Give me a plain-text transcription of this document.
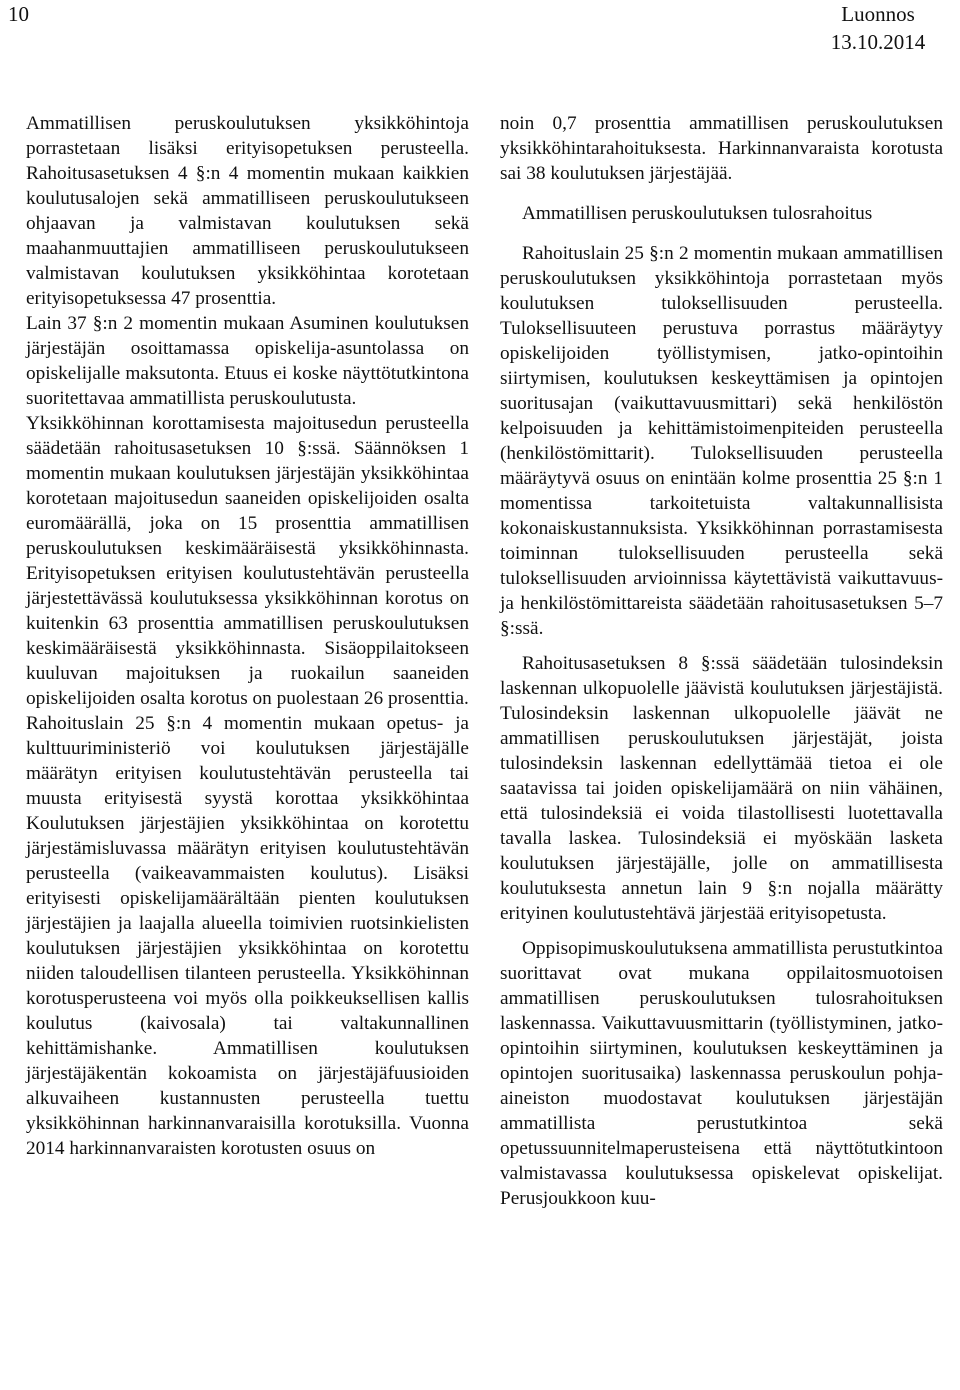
10	Luonnos
13.10.2014

Ammatillisen peruskoulutuksen yksikköhintoja porrastetaan lisäksi erityisopetuksen perusteella. Rahoitusasetuksen 4 §:n 4 momentin mukaan kaikkien koulutusalojen sekä ammatilliseen peruskoulutukseen ohjaavan ja valmistavan koulutuksen sekä maahanmuuttajien ammatilliseen peruskoulutukseen valmistavan koulutuksen yksikköhintaa korotetaan erityisopetuksessa 47 prosenttia.

Lain 37 §:n 2 momentin mukaan Asuminen koulutuksen järjestäjän osoittamassa opiskelija-asuntolassa on opiskelijalle maksutonta. Etuus ei koske näyttötutkintona suoritettavaa ammatillista peruskoulutusta.

Yksikköhinnan korottamisesta majoitusedun perusteella säädetään rahoitusasetuksen 10 §:ssä. Säännöksen 1 momentin mukaan koulutuksen järjestäjän yksikköhintaa korotetaan majoitusedun saaneiden opiskelijoiden osalta euromäärällä, joka on 15 prosenttia ammatillisen peruskoulutuksen keskimääräisestä yksikköhinnasta. Erityisopetuksen erityisen koulutustehtävän perusteella järjestettävässä koulutuksessa yksikköhinnan korotus on kuitenkin 63 prosenttia ammatillisen peruskoulutuksen keskimääräisestä yksikköhinnasta. Sisäoppilaitokseen kuuluvan majoituksen ja ruokailun saaneiden opiskelijoiden osalta korotus on puolestaan 26 prosenttia.

Rahoituslain 25 §:n 4 momentin mukaan opetus- ja kulttuuriministeriö voi koulutuksen järjestäjälle määrätyn erityisen koulutustehtävän perusteella tai muusta erityisestä syystä korottaa yksikköhintaa Koulutuksen järjestäjien yksikköhintaa on korotettu järjestämisluvassa määrätyn erityisen koulutustehtävän perusteella (vaikeavammaisten koulutus). Lisäksi erityisesti opiskelijamäärältään pienten koulutuksen järjestäjien ja laajalla alueella toimivien ruotsinkielisten koulutuksen järjestäjien yksikköhintaa on korotettu niiden taloudellisen tilanteen perusteella. Yksikköhinnan korotusperusteena voi myös olla poikkeuksellisen kallis koulutus (kaivosala) tai valtakunnallinen kehittämishanke. Ammatillisen koulutuksen järjestäjäkentän kokoamista on järjestäjäfuusioiden alkuvaiheen kustannusten perusteella tuettu yksikköhinnan harkinnanvaraisilla korotuksilla. Vuonna 2014 harkinnanvaraisten korotusten osuus on

noin 0,7 prosenttia ammatillisen peruskoulutuksen yksikköhintarahoituksesta. Harkinnanvaraista korotusta sai 38 koulutuksen järjestäjää.

Ammatillisen peruskoulutuksen tulosrahoitus

Rahoituslain 25 §:n 2 momentin mukaan ammatillisen peruskoulutuksen yksikköhintoja porrastetaan myös koulutuksen tuloksellisuuden perusteella. Tuloksellisuuteen perustuva porrastus määräytyy opiskelijoiden työllistymisen, jatko-opintoihin siirtymisen, koulutuksen keskeyttämisen ja opintojen suoritusajan (vaikuttavuusmittari) sekä henkilöstön kelpoisuuden ja kehittämistoimenpiteiden perusteella (henkilöstömittarit). Tuloksellisuuden perusteella määräytyvä osuus on enintään kolme prosenttia 25 §:n 1 momentissa tarkoitetuista valtakunnallisista kokonaiskustannuksista. Yksikköhinnan porrastamisesta toiminnan tuloksellisuuden perusteella sekä tuloksellisuuden arvioinnissa käytettävistä vaikuttavuus- ja henkilöstömittareista säädetään rahoitusasetuksen 5–7 §:ssä.

Rahoitusasetuksen 8 §:ssä säädetään tulosindeksin laskennan ulkopuolelle jäävistä koulutuksen järjestäjistä. Tulosindeksin laskennan ulkopuolelle jäävät ne ammatillisen peruskoulutuksen järjestäjät, joista tulosindeksin laskennan edellyttämää tietoa ei ole saatavissa tai joiden opiskelijamäärä on niin vähäinen, että tulosindeksiä ei voida tilastollisesti luotettavalla tavalla laskea. Tulosindeksiä ei myöskään lasketa koulutuksen järjestäjälle, jolle on ammatillisesta koulutuksesta annetun lain 9 §:n nojalla määrätty erityinen koulutustehtävä järjestää erityisopetusta.

Oppisopimuskoulutuksena ammatillista perustutkintoa suorittavat ovat mukana oppilaitosmuotoisen ammatillisen peruskoulutuksen tulosrahoituksen laskennassa. Vaikuttavuusmittarin (työllistyminen, jatko-opintoihin siirtyminen, koulutuksen keskeyttäminen ja opintojen suoritusaika) laskennassa peruskoulun pohja-aineiston muodostavat koulutuksen järjestäjän ammatillista perustutkintoa sekä opetussuunnitelmaperusteisena että näyttötutkintoon valmistavassa koulutuksessa opiskelevat opiskelijat. Perusjoukkoon kuu-
